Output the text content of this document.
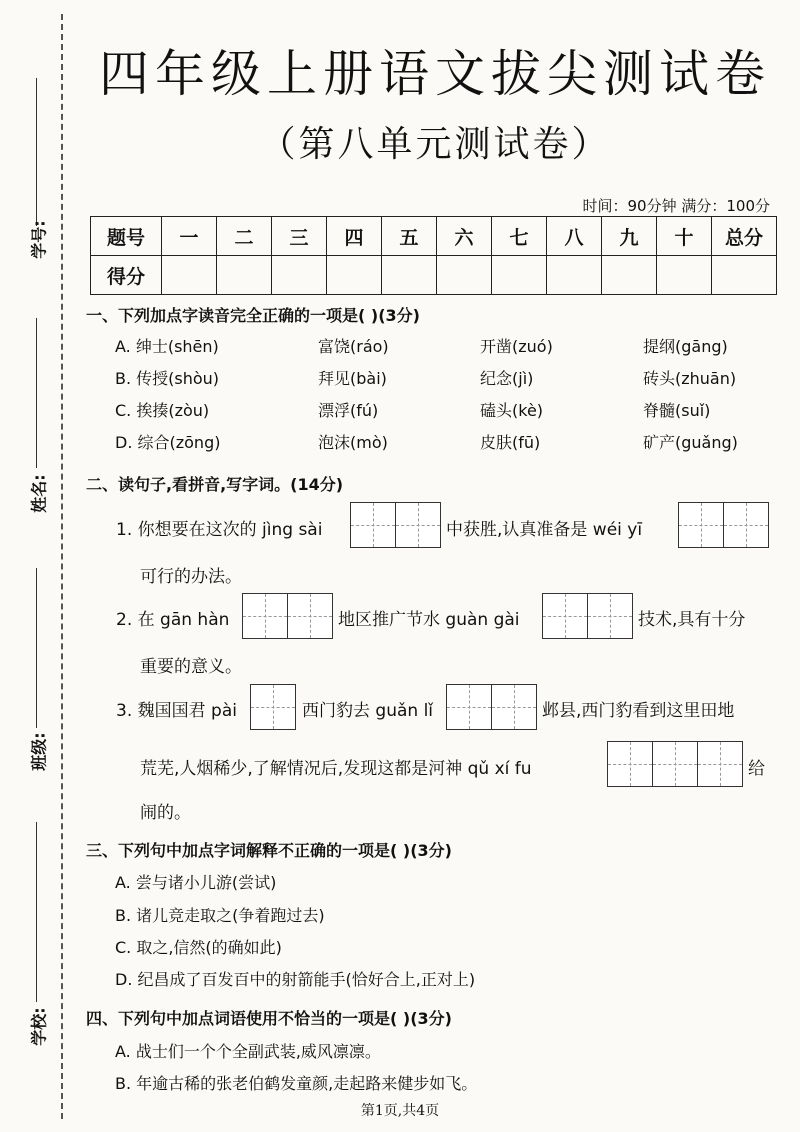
学号:
姓名:
班级:
学校:
四年级上册语文拔尖测试卷
（第八单元测试卷）
时间：90分钟 满分：100分
题号	一	二	三	四	五	六	七	八	九	十	总分
得分											
一、下列加点字读音完全正确的一项是( )(3分)
A. 绅士(shēn)	富饶(ráo)	开凿(zuó)	提纲(gāng)
B. 传授(shòu)	拜见(bài)	纪念(jì)	砖头(zhuān)
C. 挨揍(zòu)	漂浮(fú)	磕头(kè)	脊髓(suǐ)
D. 综合(zōng)	泡沫(mò)	皮肤(fū)	矿产(guǎng)
二、读句子,看拼音,写字词。(14分)
1. 你想要在这次的 jìng sài	中获胜,认真准备是 wéi yī
可行的办法。
2. 在 gān hàn	地区推广节水 guàn gài	技术,具有十分
重要的意义。
3. 魏国国君 pài	西门豹去 guǎn lǐ	邺县,西门豹看到这里田地
荒芜,人烟稀少,了解情况后,发现这都是河神 qǔ xí fu	给
闹的。
三、下列句中加点字词解释不正确的一项是( )(3分)
A. 尝与诸小儿游(尝试)
B. 诸儿竞走取之(争着跑过去)
C. 取之,信然(的确如此)
D. 纪昌成了百发百中的射箭能手(恰好合上,正对上)
四、下列句中加点词语使用不恰当的一项是( )(3分)
A. 战士们一个个全副武装,威风凛凛。
B. 年逾古稀的张老伯鹤发童颜,走起路来健步如飞。
第1页,共4页
